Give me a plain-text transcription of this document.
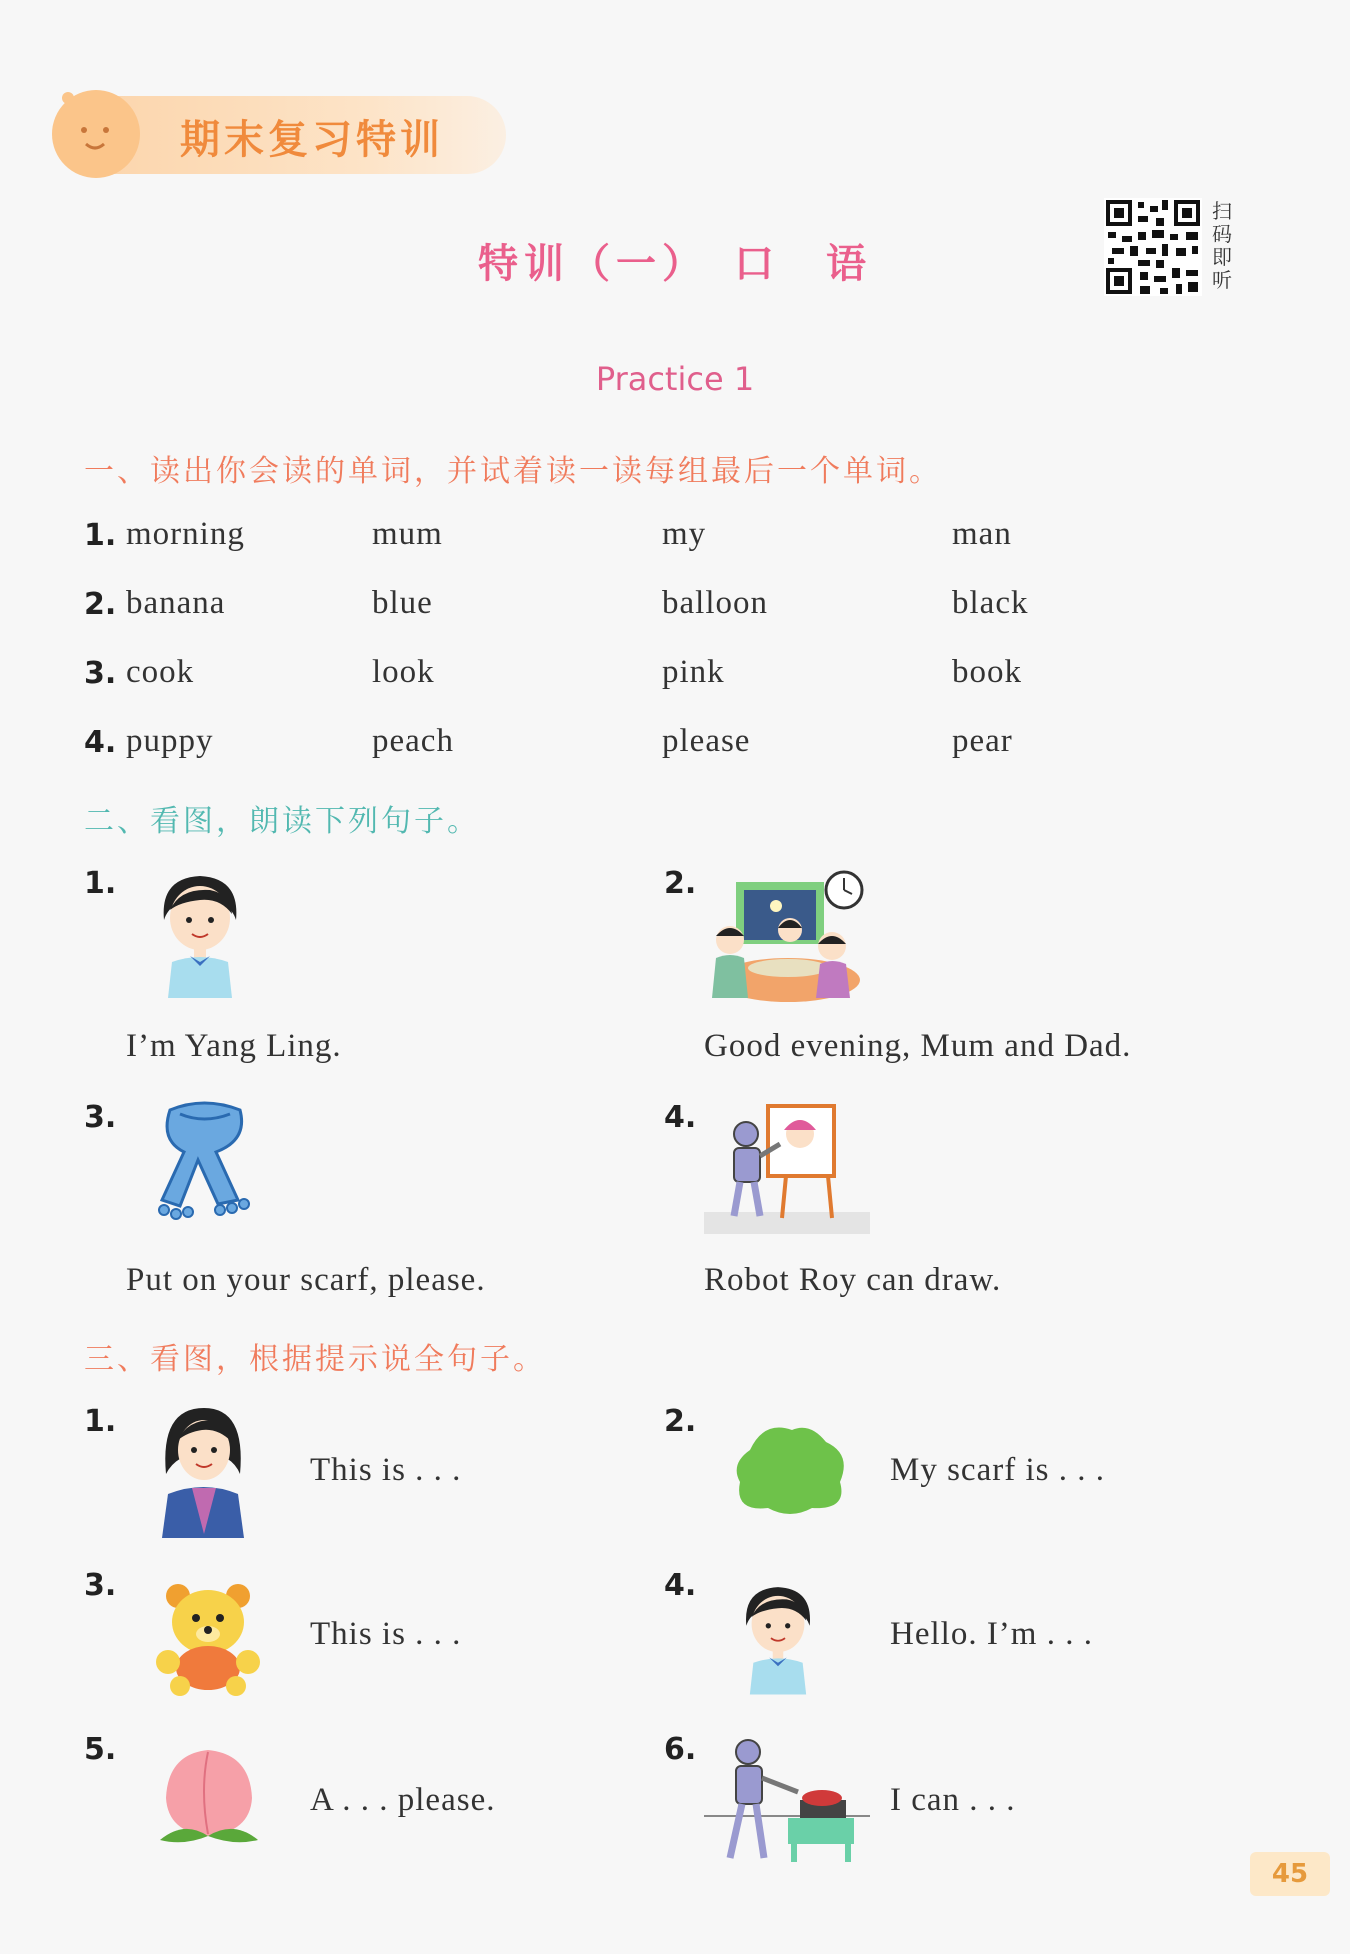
期末复习特训
特训（一）　口　语
扫
码
即
听
Practice 1
一、读出你会读的单词，并试着读一读每组最后一个单词。
1. morning	mum	my	man
2. banana	blue	balloon	black
3. cook	look	pink	book
4. puppy	peach	please	pear
二、看图，朗读下列句子。
1.
I’m Yang Ling.
2.
Good evening, Mum and Dad.
3.
Put on your scarf, please.
4.
Robot Roy can draw.
三、看图，根据提示说全句子。
1.
This is . . .
2.
My scarf is . . .
3.
This is . . .
4.
Hello. I’m . . .
5.
A . . . please.
6.
I can . . .
45
